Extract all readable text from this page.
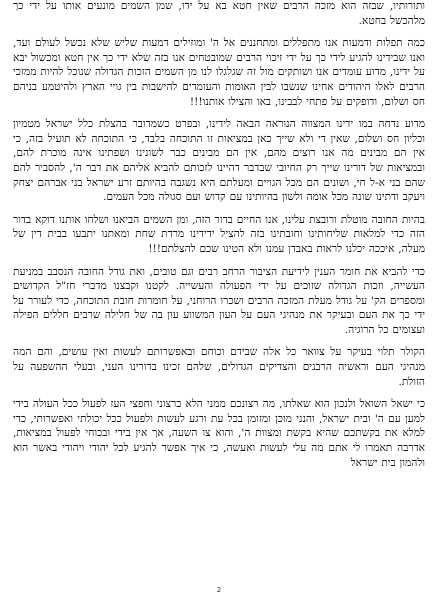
ותורותיו, שבזה הוא מזכה הרבים שאין חטא בא על ידו, שמן השמים מונעים אותו על ידי כך מלהכשל בחטא.

כמה תפלות ודמעות אנו מתפללים ומתחננים אל ה' ומוזילים דמעות שליש שלא נכשל לעולם ועד, ואנו שבידינו להגיע לידי כך על ידי זיכוי הרבים שמובטחים אנו בזה שלא ידי כך אין חטא ומכשול יבא על ידינו, מדוע עומדים אנו ושותקים מול זה שגלגלו לנו מן השמים הזכות הגדולה שנוכל להיות ממזכי הרבים לאלו היהודים אחינו שנשבו לבין האומות והעומדים להישבות בין גויי הארץ ולהיטמע בניהם חס ושלום, ודופקים על פתחי לבבינו, באו והצילו אותנו!!!

מדוע נדחה במו ידינו המצווה הנוראה הבאה לידינו, ובפרט כשמדובר בהצלת כלל ישראל מטמיון וכליון חס ושלום, שאין די ולא שייך כאן במציאות זו התוכחה בלבד, כי התוכחה לא תועיל בזה, כי אין הם מבינים מה אנו רוצים מהם, אין הם מבינים כבר לשונינו ושפתינו אינה מוכרת להם, ובמציאות של דורינו שייך רק החיובי שבדבר דהיינו לזכותם להביא אליהם את דבר ה', להסביר להם שהם בני א-ל חי, ושונים הם מכל הגויים ומעלתם היא נשגבה בהיותם זרע ישראל בני אברהם יצחק ויעקב ודתינו שונה מכל אומה ולשון בהיותינו עם קדוש ועם סגולה מכל העמים.

בהיות החובה מוטלת ורובצת עלינו, אנו החיים בדור הזה, ומן השמים הביאנו ושלחו אותנו דוקא בדור הזה כדי למלאות שליחותינו וחובתינו בזה להציל ידידינו מרדת שחת ומאתנו יתבעו בבית דין של מעלה, איככה יכלנו לראות באבדן עמנו ולא הטינו שכם להצלתם!!!

כדי להביא את חומר הענין לידיעת הציבור הרחב רבים וגם טובים, ואת גודל החובה הנסבב במניעת העשייה, וזכות הגדולה שזוכים על ידי הפעולה והעשייה. לקטנו וקבצנו מדברי חז"ל הקדושים ומספרים הק' על גודל מעלת המזכה הרבים ושכרו הרוחני, על חומרות חובת התוכחה, כדי לעורר על ידי כך את העם ובעיקר את מנהיגי העם על העון המשווע עון בה של חלילה שרבים חללים הפילה ועצומים כל הרוגיה.

הקולר תלוי בעיקר על צוואר כל אלה שבידם וכוחם ובאפשרותם לעשות ואין עושים, והם המה מנהיגי העם וראשיה הרבנים והצדיקים הגדולים, שלהם זכינו בדורינו העני, ובעלי ההשפעה על הזולת.

כי ישאל השואל ולנכון הוא שאלתו, מה רצונכם ממני הלא ברצוני וחפצי העז לפעול ככל העולה בידי למען עם ה' ובית ישראל, והנני מוכן ומזומן בכל עת ורגע לעשות ולפעול ככל יכולתי ואפשרותי, כדי למלא את בקשתכם שהיא בקשת ומצוות ה', והוא צו השעה, אך אין בידי ובכוחי לפעול במציאות, אדרבה תאמרו לי אתם מה עלי לעשות ואעשה, כי איך אפשר להגיע לכל יהודי ויהודי באשר הוא ולהמון בית ישראל

2
